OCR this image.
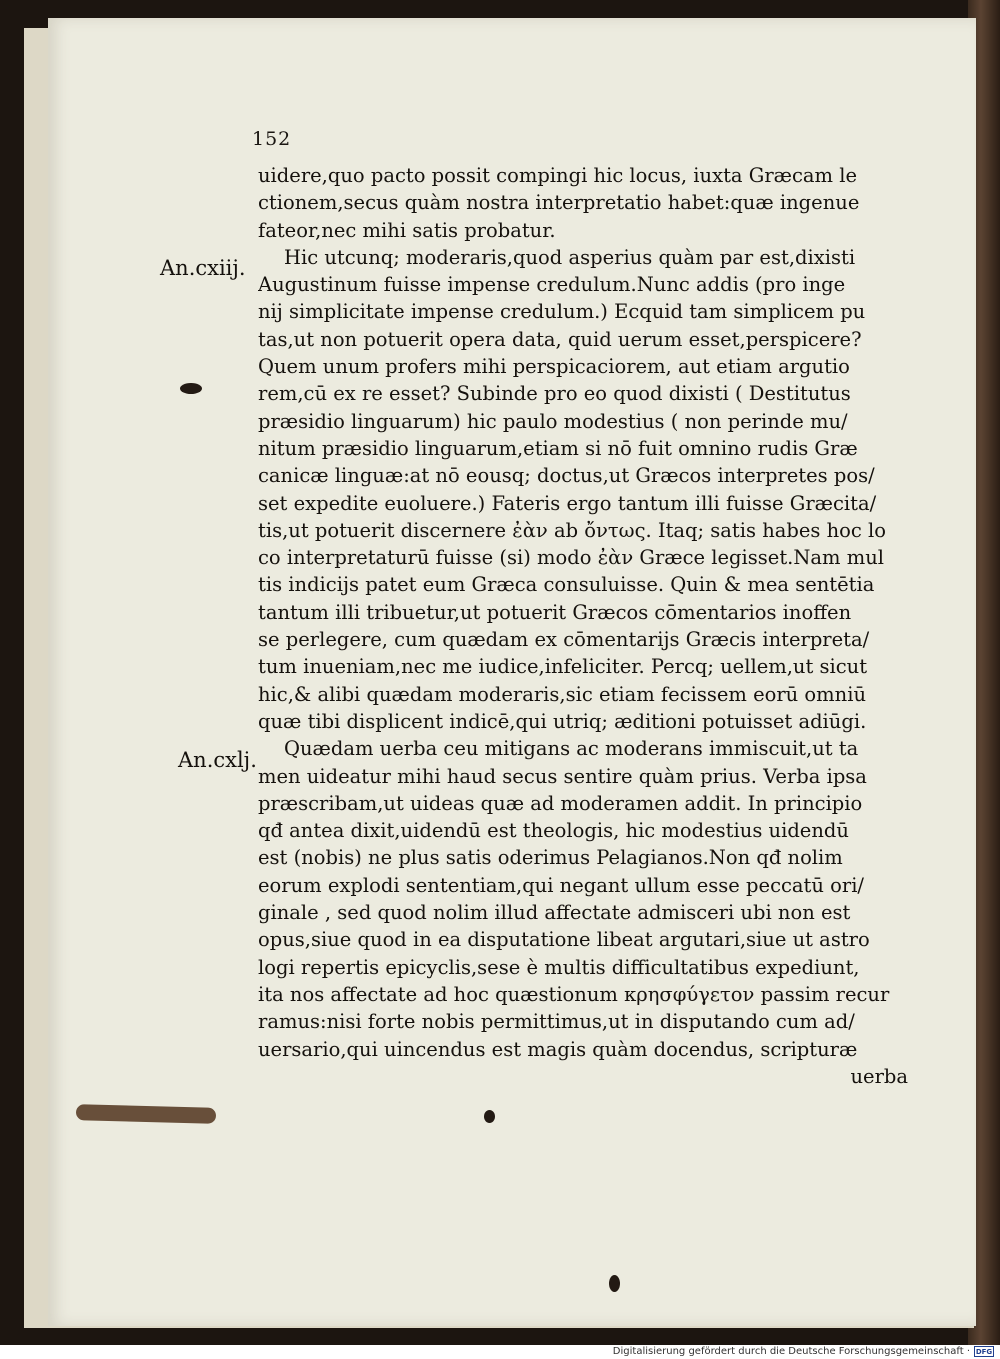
152
An.cxiij.
An.cxlj.
uidere,quo pacto possit compingi hic locus, iuxta Græcam le
ctionem,secus quàm nostra interpretatio habet:quæ ingenue
fateor,nec mihi satis probatur.
Hic utcunq; moderaris,quod asperius quàm par est,dixisti
Augustinum fuisse impense credulum.Nunc addis (pro inge
nij simplicitate impense credulum.) Ecquid tam simplicem pu
tas,ut non potuerit opera data, quid uerum esset,perspicere?
Quem unum profers mihi perspicaciorem, aut etiam argutio
rem,cū ex re esset? Subinde pro eo quod dixisti ( Destitutus
præsidio linguarum) hic paulo modestius ( non perinde mu/
nitum præsidio linguarum,etiam si nō fuit omnino rudis Græ
canicæ linguæ:at nō eousq; doctus,ut Græcos interpretes pos/
set expedite euoluere.) Fateris ergo tantum illi fuisse Græcita/
tis,ut potuerit discernere ἐὰν ab ὄντως. Itaq; satis habes hoc lo
co interpretaturū fuisse (si) modo ἐὰν Græce legisset.Nam mul
tis indicijs patet eum Græca consuluisse. Quin & mea sentētia
tantum illi tribuetur,ut potuerit Græcos cōmentarios inoffen
se perlegere, cum quædam ex cōmentarijs Græcis interpreta/
tum inueniam,nec me iudice,infeliciter. Percq; uellem,ut sicut
hic,& alibi quædam moderaris,sic etiam fecissem eorū omniū
quæ tibi displicent indicē,qui utriq; æditioni potuisset adiūgi.
Quædam uerba ceu mitigans ac moderans immiscuit,ut ta
men uideatur mihi haud secus sentire quàm prius. Verba ipsa
præscribam,ut uideas quæ ad moderamen addit. In principio
qđ antea dixit,uidendū est theologis, hic modestius uidendū
est (nobis) ne plus satis oderimus Pelagianos.Non qđ nolim
eorum explodi sententiam,qui negant ullum esse peccatū ori/
ginale , sed quod nolim illud affectate admisceri ubi non est
opus,siue quod in ea disputatione libeat argutari,siue ut astro
logi repertis epicyclis,sese è multis difficultatibus expediunt,
ita nos affectate ad hoc quæstionum κρησφύγετον passim recur
ramus:nisi forte nobis permittimus,ut in disputando cum ad/
uersario,qui uincendus est magis quàm docendus, scripturæ
uerba
Digitalisierung gefördert durch die Deutsche Forschungsgemeinschaft · DFG
